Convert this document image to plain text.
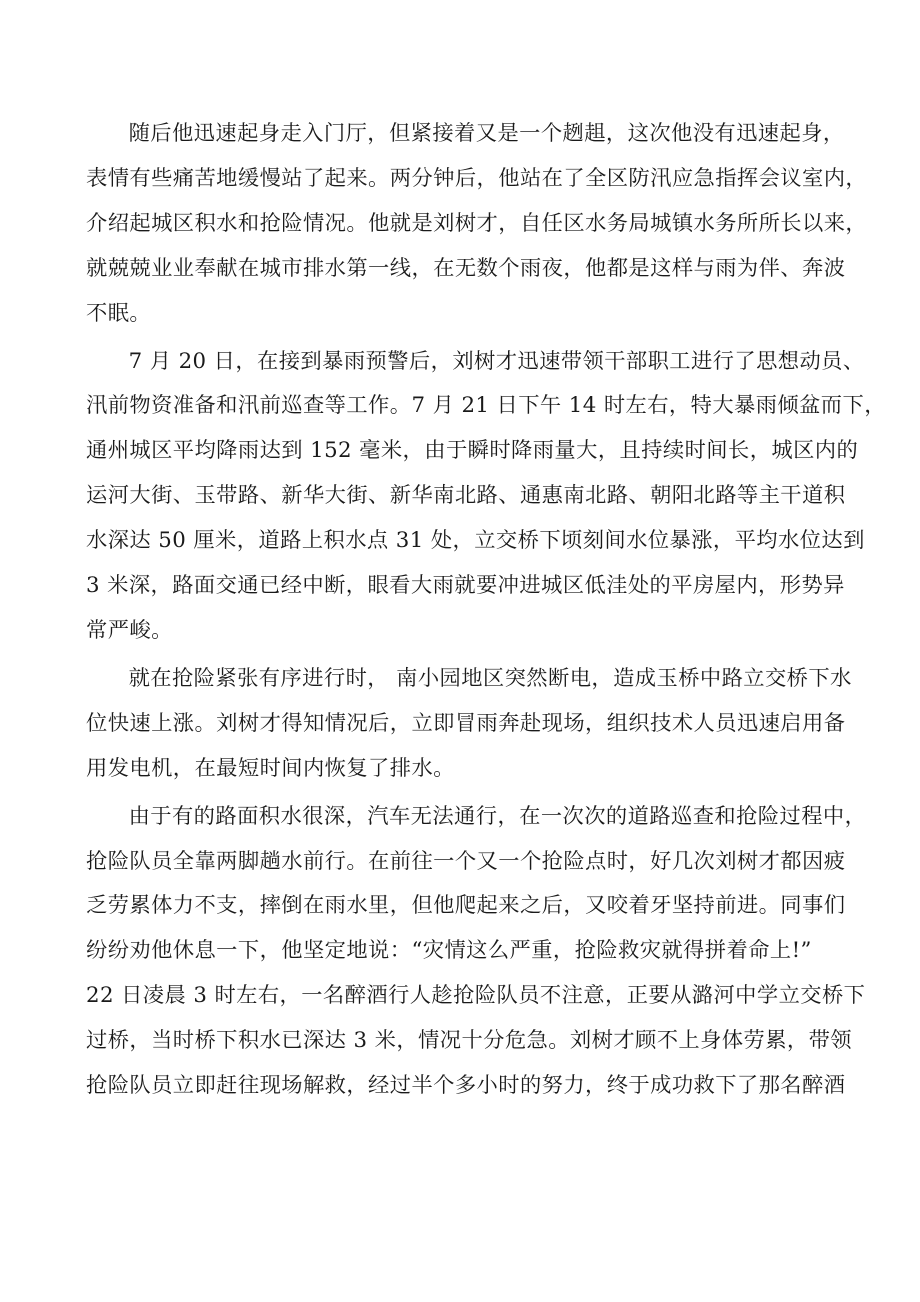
随后他迅速起身走入门厅，但紧接着又是一个趔趄，这次他没有迅速起身，
表情有些痛苦地缓慢站了起来。两分钟后，他站在了全区防汛应急指挥会议室内，
介绍起城区积水和抢险情况。他就是刘树才，自任区水务局城镇水务所所长以来，
就兢兢业业奉献在城市排水第一线，在无数个雨夜，他都是这样与雨为伴、奔波
不眠。

7 月 20 日，在接到暴雨预警后，刘树才迅速带领干部职工进行了思想动员、
汛前物资准备和汛前巡查等工作。7 月 21 日下午 14 时左右，特大暴雨倾盆而下，
通州城区平均降雨达到 152 毫米，由于瞬时降雨量大，且持续时间长，城区内的
运河大街、玉带路、新华大街、新华南北路、通惠南北路、朝阳北路等主干道积
水深达 50 厘米，道路上积水点 31 处，立交桥下顷刻间水位暴涨，平均水位达到
3 米深，路面交通已经中断，眼看大雨就要冲进城区低洼处的平房屋内，形势异
常严峻。

就在抢险紧张有序进行时， 南小园地区突然断电，造成玉桥中路立交桥下水
位快速上涨。刘树才得知情况后，立即冒雨奔赴现场，组织技术人员迅速启用备
用发电机，在最短时间内恢复了排水。

由于有的路面积水很深，汽车无法通行，在一次次的道路巡查和抢险过程中，
抢险队员全靠两脚趟水前行。在前往一个又一个抢险点时，好几次刘树才都因疲
乏劳累体力不支，摔倒在雨水里，但他爬起来之后，又咬着牙坚持前进。同事们
纷纷劝他休息一下，他坚定地说：“灾情这么严重，抢险救灾就得拼着命上!”
22 日凌晨 3 时左右，一名醉酒行人趁抢险队员不注意，正要从潞河中学立交桥下
过桥，当时桥下积水已深达 3 米，情况十分危急。刘树才顾不上身体劳累，带领
抢险队员立即赶往现场解救，经过半个多小时的努力，终于成功救下了那名醉酒
